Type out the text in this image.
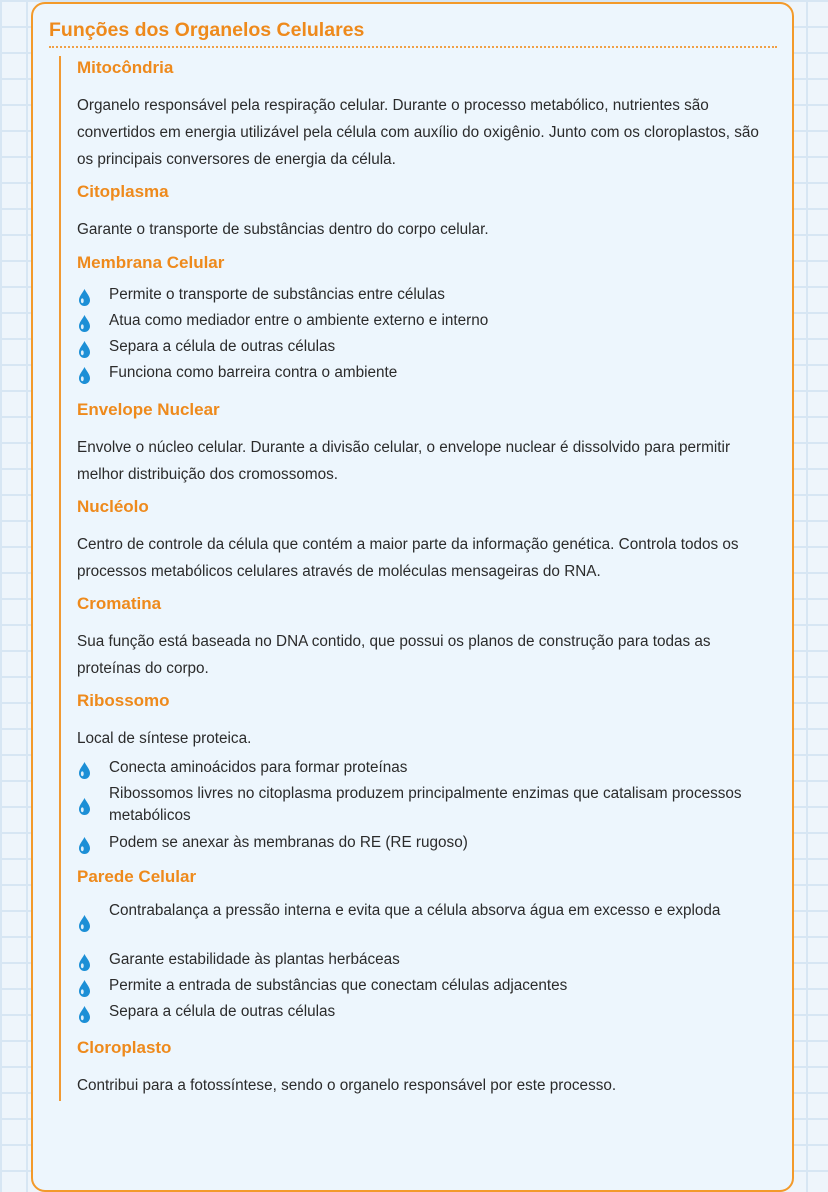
Funções dos Organelos Celulares
Mitocôndria

Organelo responsável pela respiração celular. Durante o processo metabólico, nutrientes são convertidos em energia utilizável pela célula com auxílio do oxigênio. Junto com os cloroplastos, são os principais conversores de energia da célula.

Citoplasma

Garante o transporte de substâncias dentro do corpo celular.

Membrana Celular
Permite o transporte de substâncias entre células
Atua como mediador entre o ambiente externo e interno
Separa a célula de outras células
Funciona como barreira contra o ambiente
Envelope Nuclear

Envolve o núcleo celular. Durante a divisão celular, o envelope nuclear é dissolvido para permitir melhor distribuição dos cromossomos.

Nucléolo

Centro de controle da célula que contém a maior parte da informação genética. Controla todos os processos metabólicos celulares através de moléculas mensageiras do RNA.

Cromatina

Sua função está baseada no DNA contido, que possui os planos de construção para todas as proteínas do corpo.

Ribossomo

Local de síntese proteica.

Conecta aminoácidos para formar proteínas
Ribossomos livres no citoplasma produzem principalmente enzimas que catalisam processos metabólicos
Podem se anexar às membranas do RE (RE rugoso)
Parede Celular
Contrabalança a pressão interna e evita que a célula absorva água em excesso e exploda
Garante estabilidade às plantas herbáceas
Permite a entrada de substâncias que conectam células adjacentes
Separa a célula de outras células
Cloroplasto

Contribui para a fotossíntese, sendo o organelo responsável por este processo.
